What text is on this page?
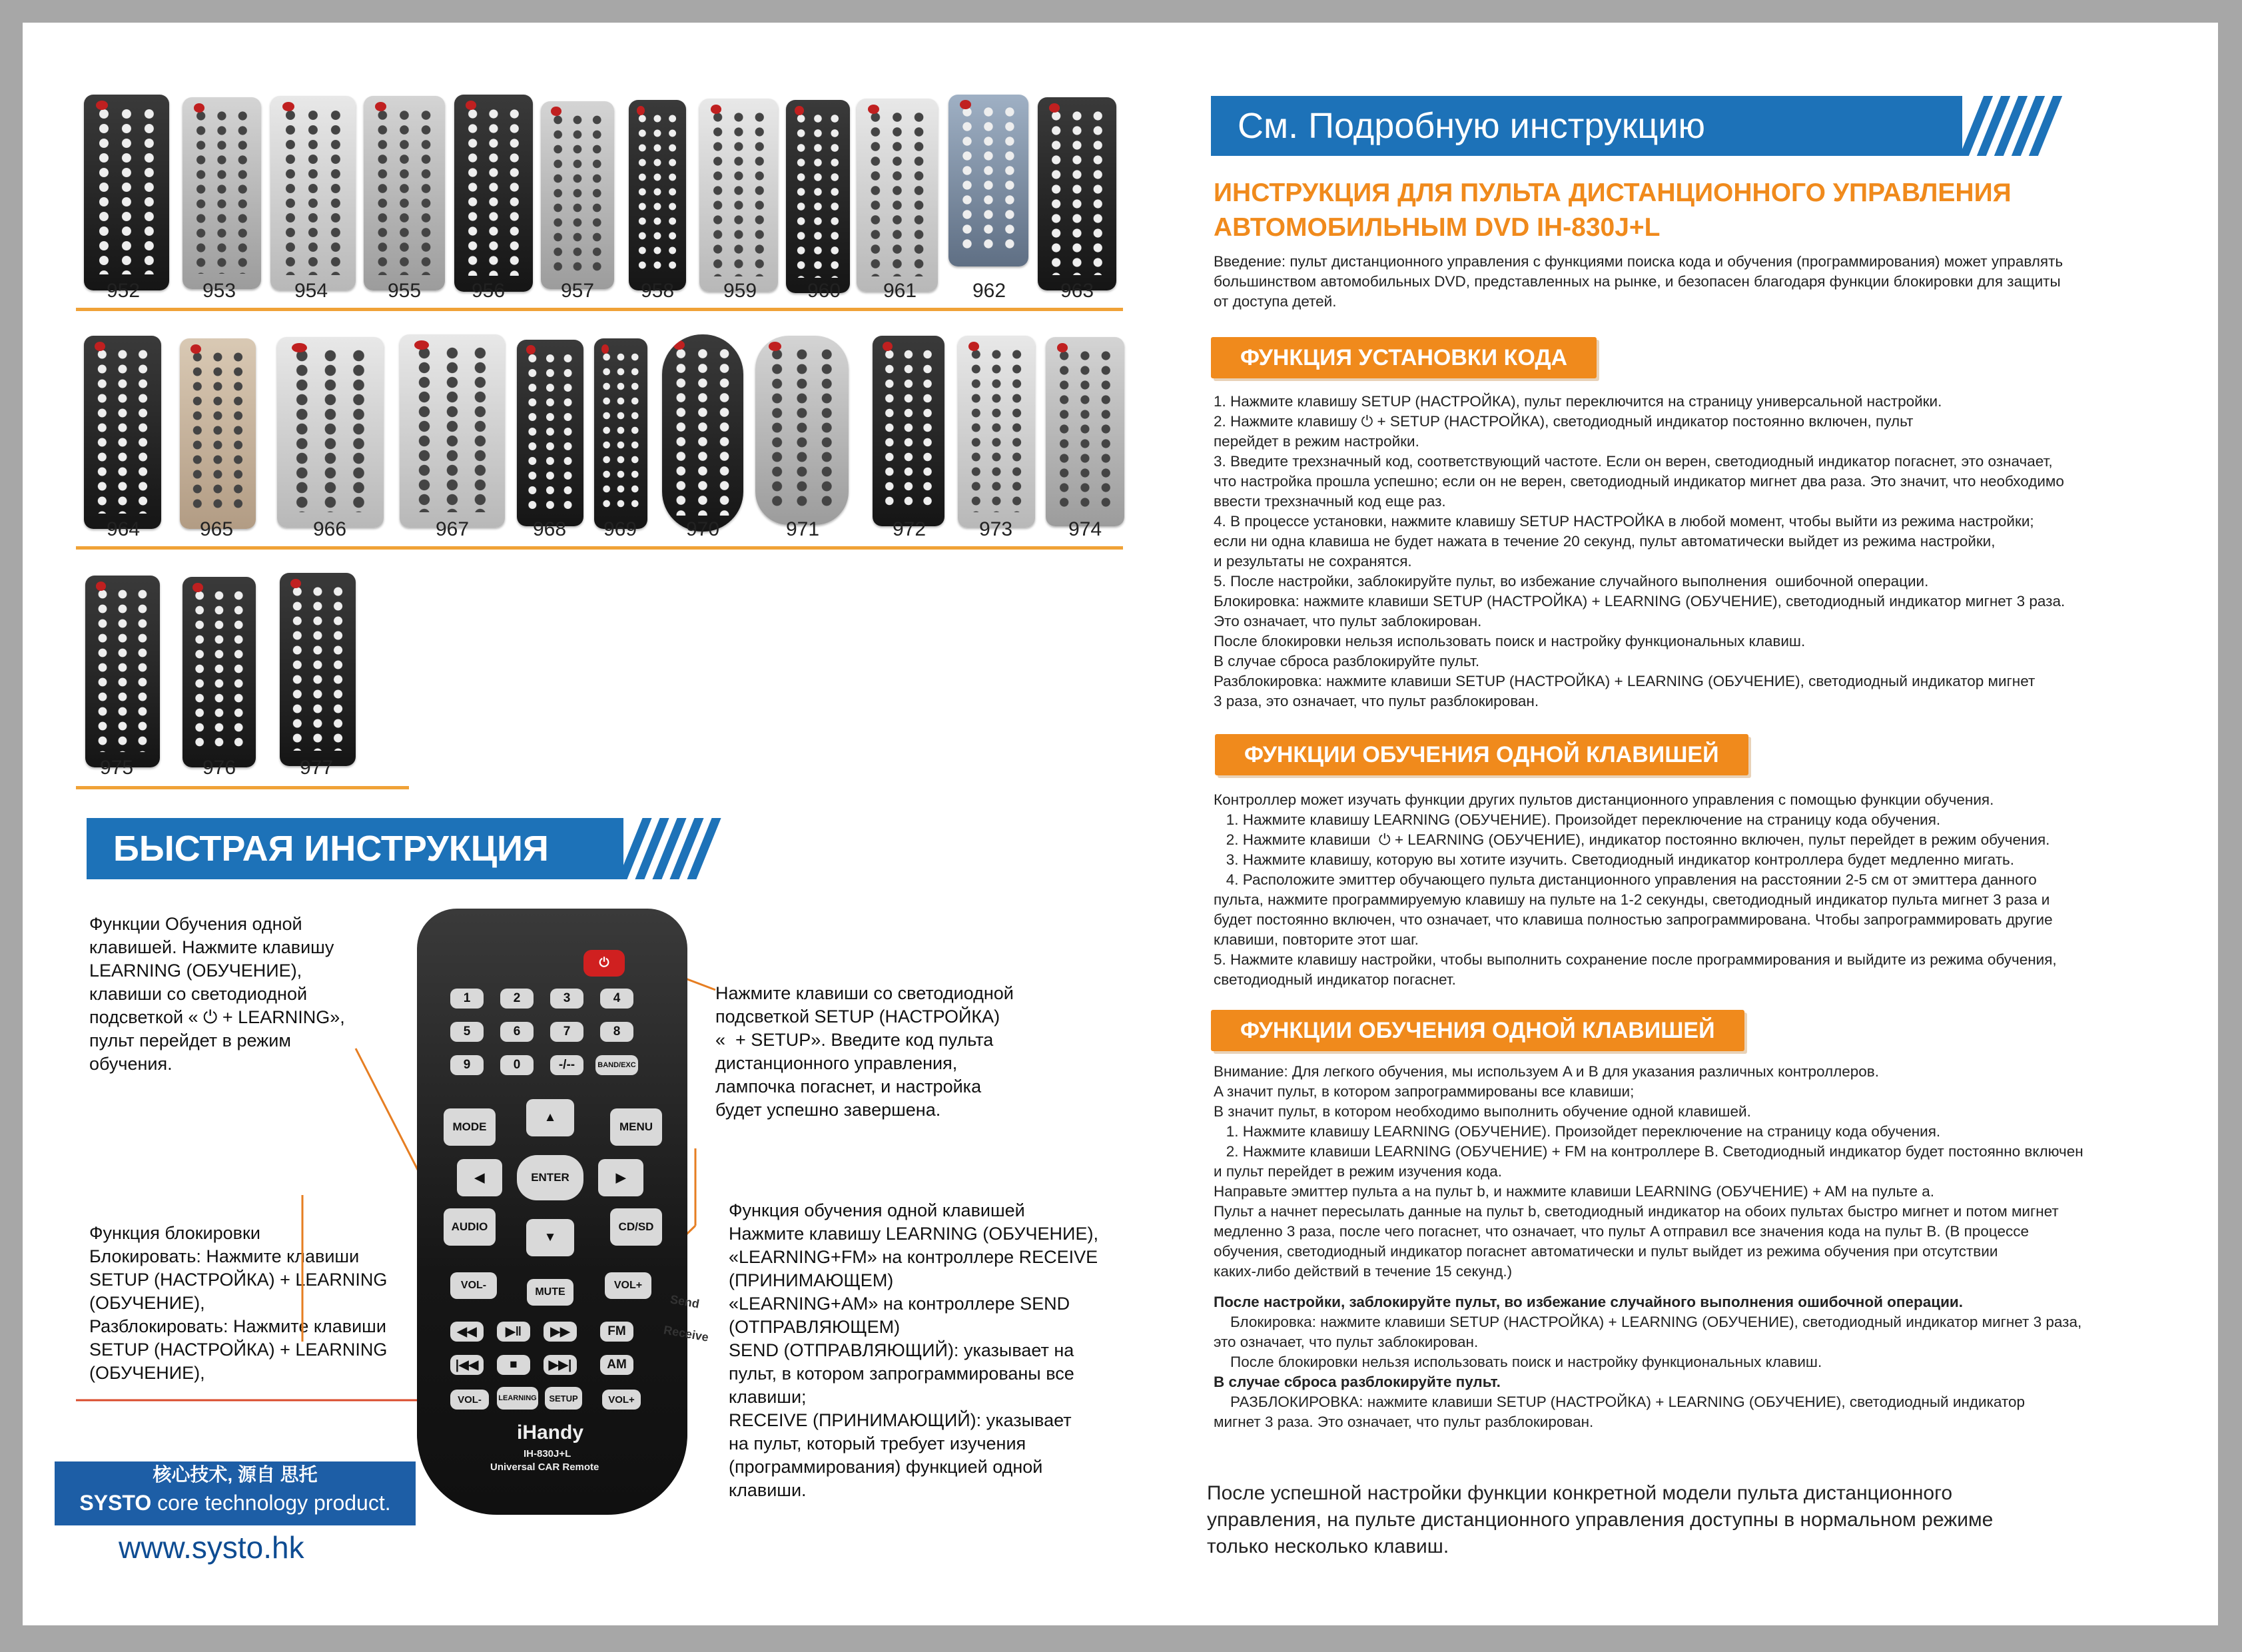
952	953	954	955	956	957	958	959	960	961	962	963
964	965	966	967	968	969	970	971	972	973	974
975	976	977
БЫСТРАЯ ИНСТРУКЦИЯ
Функции Обучения одной
клавишей. Нажмите клавишу
LEARNING (ОБУЧЕНИЕ),
клавиши со светодиодной
подсветкой « ⏻ + LEARNING»,
пульт перейдет в режим
обучения.
Нажмите клавиши со светодиодной
подсветкой SETUP (НАСТРОЙКА)
«  + SETUP». Введите код пульта
дистанционного управления,
лампочка погаснет, и настройка
будет успешно завершена.
Функция блокировки
Блокировать: Нажмите клавиши
SETUP (НАСТРОЙКА) + LEARNING
(ОБУЧЕНИЕ),
Разблокировать: Нажмите клавиши
SETUP (НАСТРОЙКА) + LEARNING
(ОБУЧЕНИЕ),
Функция обучения одной клавишей
Нажмите клавишу LEARNING (ОБУЧЕНИЕ),
«LEARNING+FM» на контроллере RECEIVE
(ПРИНИМАЮЩЕМ)
«LEARNING+AM» на контроллере SEND
(ОТПРАВЛЯЮЩЕМ)
SEND (ОТПРАВЛЯЮЩИЙ): указывает на
пульт, в котором запрограммированы все
клавиши;
RECEIVE (ПРИНИМАЮЩИЙ): указывает
на пульт, который требует изучения
(программирования) функцией одной
клавиши.
⏻
1	2	3	4
5	6	7	8
9	0	-/--	BAND/EXC
MODE	MENU
▲
◀	ENTER	▶
▼
AUDIO	CD/SD
VOL-
MUTE
VOL+
◀◀	▶‖	▶▶	FM
|◀◀	■	▶▶|	AM
VOL-	LEARNING	SETUP	VOL+
iHandy
IH-830J+L
Universal CAR Remote
Send
Receive
核心技术, 源自 思托
SYSTO core technology product.
www.systo.hk
См. Подробную инструкцию
ИНСТРУКЦИЯ ДЛЯ ПУЛЬТА ДИСТАНЦИОННОГО УПРАВЛЕНИЯ
АВТОМОБИЛЬНЫМ DVD IH-830J+L
Введение: пульт дистанционного управления с функциями поиска кода и обучения (программирования) может управлять
большинством автомобильных DVD, представленных на рынке, и безопасен благодаря функции блокировки для защиты
от доступа детей.
ФУНКЦИЯ УСТАНОВКИ КОДА
1. Нажмите клавишу SETUP (НАСТРОЙКА), пульт переключится на страницу универсальной настройки.
2. Нажмите клавишу ⏻ + SETUP (НАСТРОЙКА), светодиодный индикатор постоянно включен, пульт
перейдет в режим настройки.
3. Введите трехзначный код, соответствующий частоте. Если он верен, светодиодный индикатор погаснет, это означает,
что настройка прошла успешно; если он не верен, светодиодный индикатор мигнет два раза. Это значит, что необходимо
ввести трехзначный код еще раз.
4. В процессе установки, нажмите клавишу SETUP НАСТРОЙКА в любой момент, чтобы выйти из режима настройки;
если ни одна клавиша не будет нажата в течение 20 секунд, пульт автоматически выйдет из режима настройки,
и результаты не сохранятся.
5. После настройки, заблокируйте пульт, во избежание случайного выполнения  ошибочной операции.
Блокировка: нажмите клавиши SETUP (НАСТРОЙКА) + LEARNING (ОБУЧЕНИЕ), светодиодный индикатор мигнет 3 раза.
Это означает, что пульт заблокирован.
После блокировки нельзя использовать поиск и настройку функциональных клавиш.
В случае сброса разблокируйте пульт.
Разблокировка: нажмите клавиши SETUP (НАСТРОЙКА) + LEARNING (ОБУЧЕНИЕ), светодиодный индикатор мигнет
3 раза, это означает, что пульт разблокирован.
ФУНКЦИИ ОБУЧЕНИЯ ОДНОЙ КЛАВИШЕЙ
Контроллер может изучать функции других пультов дистанционного управления с помощью функции обучения.
1. Нажмите клавишу LEARNING (ОБУЧЕНИЕ). Произойдет переключение на страницу кода обучения.
2. Нажмите клавиши  ⏻ + LEARNING (ОБУЧЕНИЕ), индикатор постоянно включен, пульт перейдет в режим обучения.
3. Нажмите клавишу, которую вы хотите изучить. Светодиодный индикатор контроллера будет медленно мигать.
4. Расположите эмиттер обучающего пульта дистанционного управления на расстоянии 2-5 см от эмиттера данного
пульта, нажмите программируемую клавишу на пульте на 1-2 секунды, светодиодный индикатор пульта мигнет 3 раза и
будет постоянно включен, что означает, что клавиша полностью запрограммирована. Чтобы запрограммировать другие
клавиши, повторите этот шаг.
5. Нажмите клавишу настройки, чтобы выполнить сохранение после программирования и выйдите из режима обучения,
светодиодный индикатор погаснет.
ФУНКЦИИ ОБУЧЕНИЯ ОДНОЙ КЛАВИШЕЙ
Внимание: Для легкого обучения, мы используем A и B для указания различных контроллеров.
A значит пульт, в котором запрограммированы все клавиши;
B значит пульт, в котором необходимо выполнить обучение одной клавишей.
1. Нажмите клавишу LEARNING (ОБУЧЕНИЕ). Произойдет переключение на страницу кода обучения.
2. Нажмите клавиши LEARNING (ОБУЧЕНИЕ) + FM на контроллере B. Светодиодный индикатор будет постоянно включен
и пульт перейдет в режим изучения кода.
Направьте эмиттер пульта a на пульт b, и нажмите клавиши LEARNING (ОБУЧЕНИЕ) + AM на пульте a.
Пульт a начнет пересылать данные на пульт b, светодиодный индикатор на обоих пультах быстро мигнет и потом мигнет
медленно 3 раза, после чего погаснет, что означает, что пульт A отправил все значения кода на пульт B. (В процессе
обучения, светодиодный индикатор погаснет автоматически и пульт выйдет из режима обучения при отсутствии
каких-либо действий в течение 15 секунд.)
После настройки, заблокируйте пульт, во избежание случайного выполнения ошибочной операции.
Блокировка: нажмите клавиши SETUP (НАСТРОЙКА) + LEARNING (ОБУЧЕНИЕ), светодиодный индикатор мигнет 3 раза,
это означает, что пульт заблокирован.
После блокировки нельзя использовать поиск и настройку функциональных клавиш.
В случае сброса разблокируйте пульт.
РАЗБЛОКИРОВКА: нажмите клавиши SETUP (НАСТРОЙКА) + LEARNING (ОБУЧЕНИЕ), светодиодный индикатор
мигнет 3 раза. Это означает, что пульт разблокирован.
После успешной настройки функции конкретной модели пульта дистанционного
управления, на пульте дистанционного управления доступны в нормальном режиме
только несколько клавиш.
